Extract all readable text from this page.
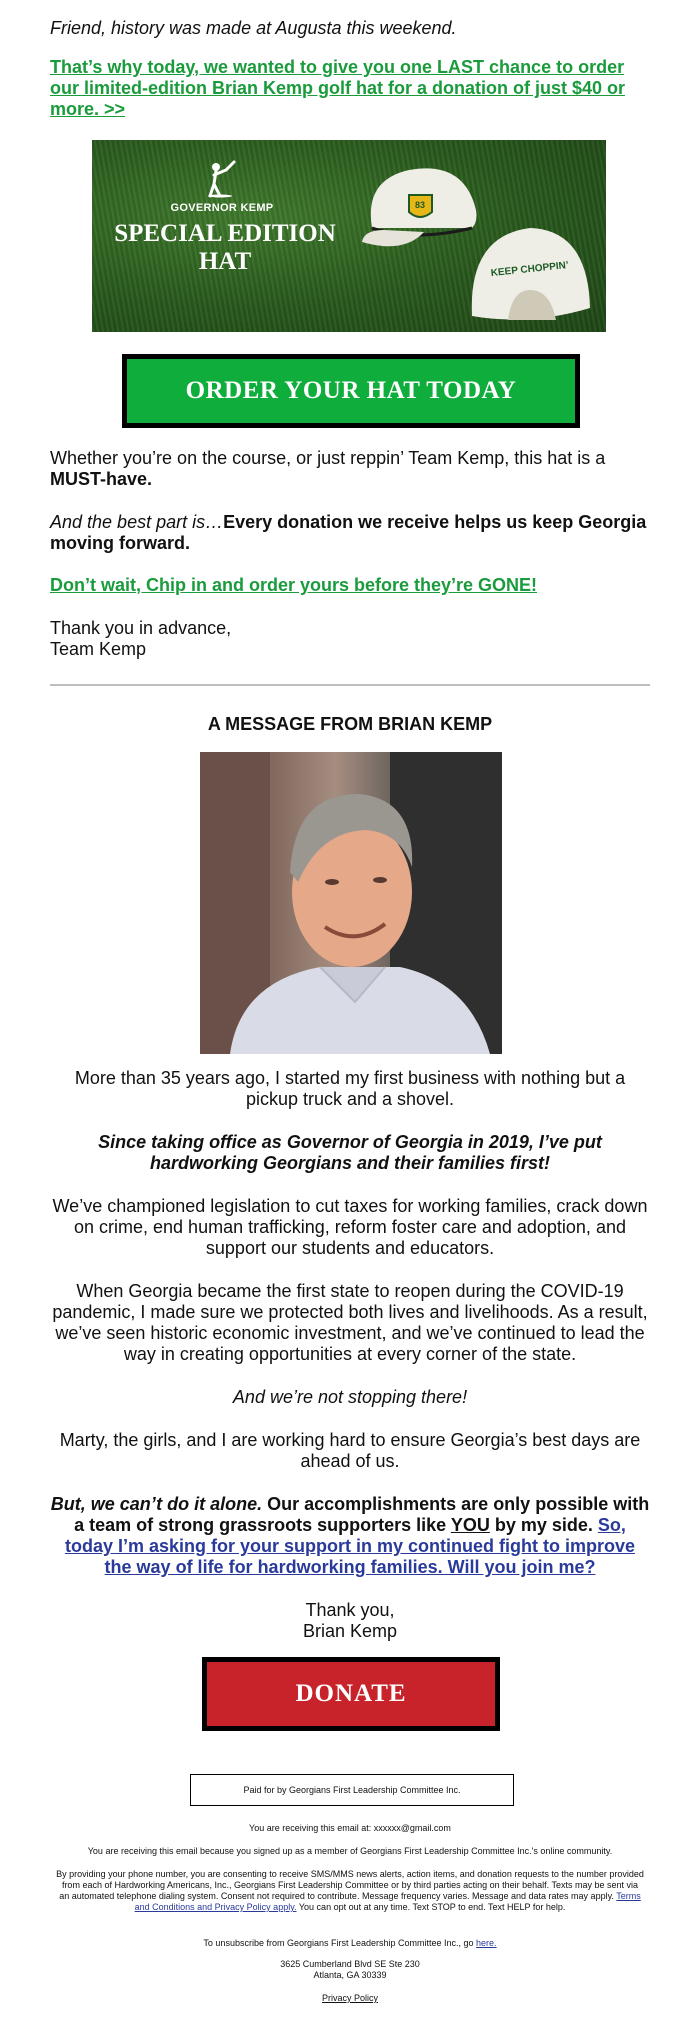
Friend, history was made at Augusta this weekend.

That’s why today, we wanted to give you one LAST chance to order our limited-edition Brian Kemp golf hat for a donation of just $40 or more. >>
GOVERNOR KEMP
SPECIAL EDITION
HAT
83
KEEP CHOPPIN’
ORDER YOUR HAT TODAY

Whether you’re on the course, or just reppin’ Team Kemp, this hat is a MUST-have.

And the best part is…Every donation we receive helps us keep Georgia moving forward.

Don’t wait, Chip in and order yours before they’re GONE!

Thank you in advance,

Team Kemp

A MESSAGE FROM BRIAN KEMP

More than 35 years ago, I started my first business with nothing but a pickup truck and a shovel.

Since taking office as Governor of Georgia in 2019, I’ve put hardworking Georgians and their families first!

We’ve championed legislation to cut taxes for working families, crack down on crime, end human trafficking, reform foster care and adoption, and support our students and educators.

When Georgia became the first state to reopen during the COVID-19 pandemic, I made sure we protected both lives and livelihoods. As a result, we’ve seen historic economic investment, and we’ve continued to lead the way in creating opportunities at every corner of the state.

And we’re not stopping there!

Marty, the girls, and I are working hard to ensure Georgia’s best days are ahead of us.

But, we can’t do it alone. Our accomplishments are only possible with a team of strong grassroots supporters like YOU by my side. So, today I’m asking for your support in my continued fight to improve the way of life for hardworking families. Will you join me?

Thank you,

Brian Kemp

DONATE
Paid for by Georgians First Leadership Committee Inc.

You are receiving this email at: xxxxxx@gmail.com

You are receiving this email because you signed up as a member of Georgians First Leadership Committee Inc.'s online community.

By providing your phone number, you are consenting to receive SMS/MMS news alerts, action items, and donation requests to the number provided from each of Hardworking Americans, Inc., Georgians First Leadership Committee or by third parties acting on their behalf. Texts may be sent via an automated telephone dialing system. Consent not required to contribute. Message frequency varies. Message and data rates may apply. Terms and Conditions and Privacy Policy apply. You can opt out at any time. Text STOP to end. Text HELP for help.

To unsubscribe from Georgians First Leadership Committee Inc., go here.

3625 Cumberland Blvd SE Ste 230

Atlanta, GA 30339

Privacy Policy
